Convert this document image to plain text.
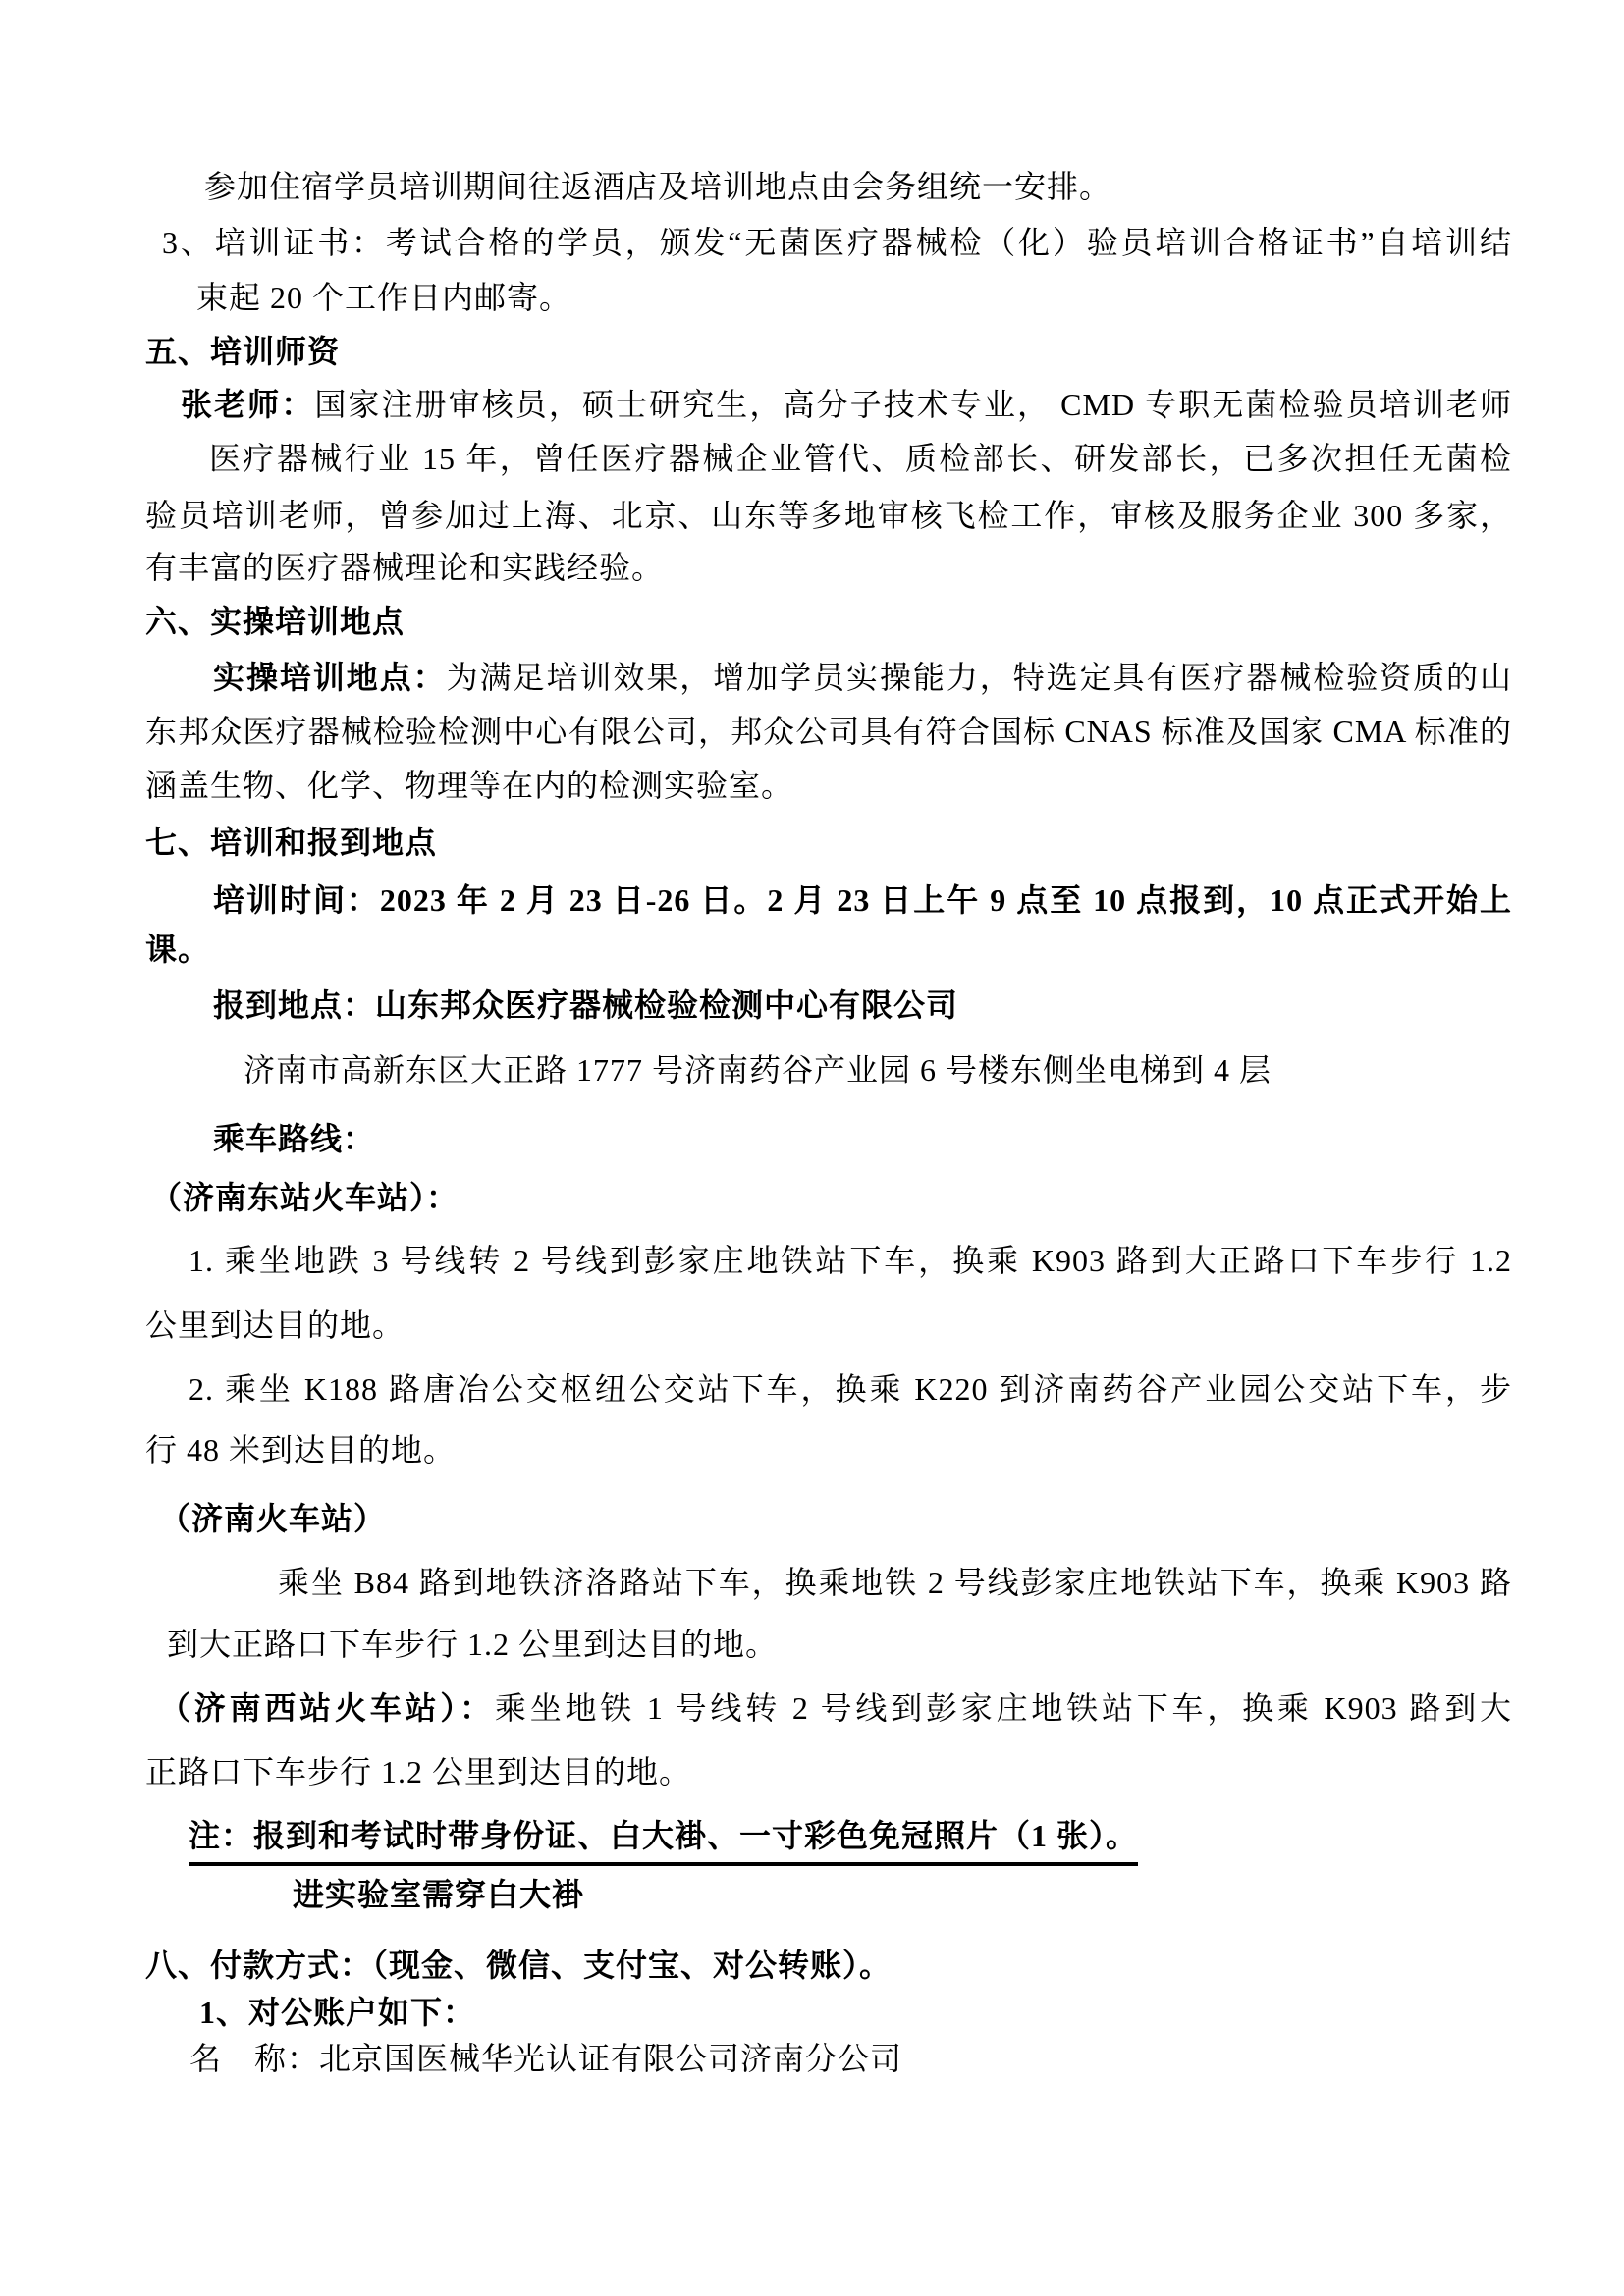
参加住宿学员培训期间往返酒店及培训地点由会务组统一安排。
3、培训证书：考试合格的学员，颁发“无菌医疗器械检（化）验员培训合格证书”自培训结
束起 20 个工作日内邮寄。
五、培训师资
张老师：国家注册审核员，硕士研究生，高分子技术专业， CMD 专职无菌检验员培训老师
医疗器械行业 15 年，曾任医疗器械企业管代、质检部长、研发部长，已多次担任无菌检
验员培训老师，曾参加过上海、北京、山东等多地审核飞检工作，审核及服务企业 300 多家，
有丰富的医疗器械理论和实践经验。
六、实操培训地点
实操培训地点：为满足培训效果，增加学员实操能力，特选定具有医疗器械检验资质的山
东邦众医疗器械检验检测中心有限公司，邦众公司具有符合国标 CNAS 标准及国家 CMA 标准的
涵盖生物、化学、物理等在内的检测实验室。
七、培训和报到地点
培训时间：2023 年 2 月 23 日-26 日。2 月 23 日上午 9 点至 10 点报到，10 点正式开始上
课。
报到地点：山东邦众医疗器械检验检测中心有限公司
济南市高新东区大正路 1777 号济南药谷产业园 6 号楼东侧坐电梯到 4 层
乘车路线：
（济南东站火车站）：
1. 乘坐地跌 3 号线转 2 号线到彭家庄地铁站下车，换乘 K903 路到大正路口下车步行 1.2
公里到达目的地。
2. 乘坐 K188 路唐冶公交枢纽公交站下车，换乘 K220 到济南药谷产业园公交站下车，步
行 48 米到达目的地。
（济南火车站）
乘坐 B84 路到地铁济洛路站下车，换乘地铁 2 号线彭家庄地铁站下车，换乘 K903 路
到大正路口下车步行 1.2 公里到达目的地。
（济南西站火车站）：乘坐地铁 1 号线转 2 号线到彭家庄地铁站下车，换乘 K903 路到大
正路口下车步行 1.2 公里到达目的地。
注：报到和考试时带身份证、白大褂、一寸彩色免冠照片（1 张）。
进实验室需穿白大褂
八、付款方式：（现金、微信、支付宝、对公转账）。
1、对公账户如下：
名　称：北京国医械华光认证有限公司济南分公司
